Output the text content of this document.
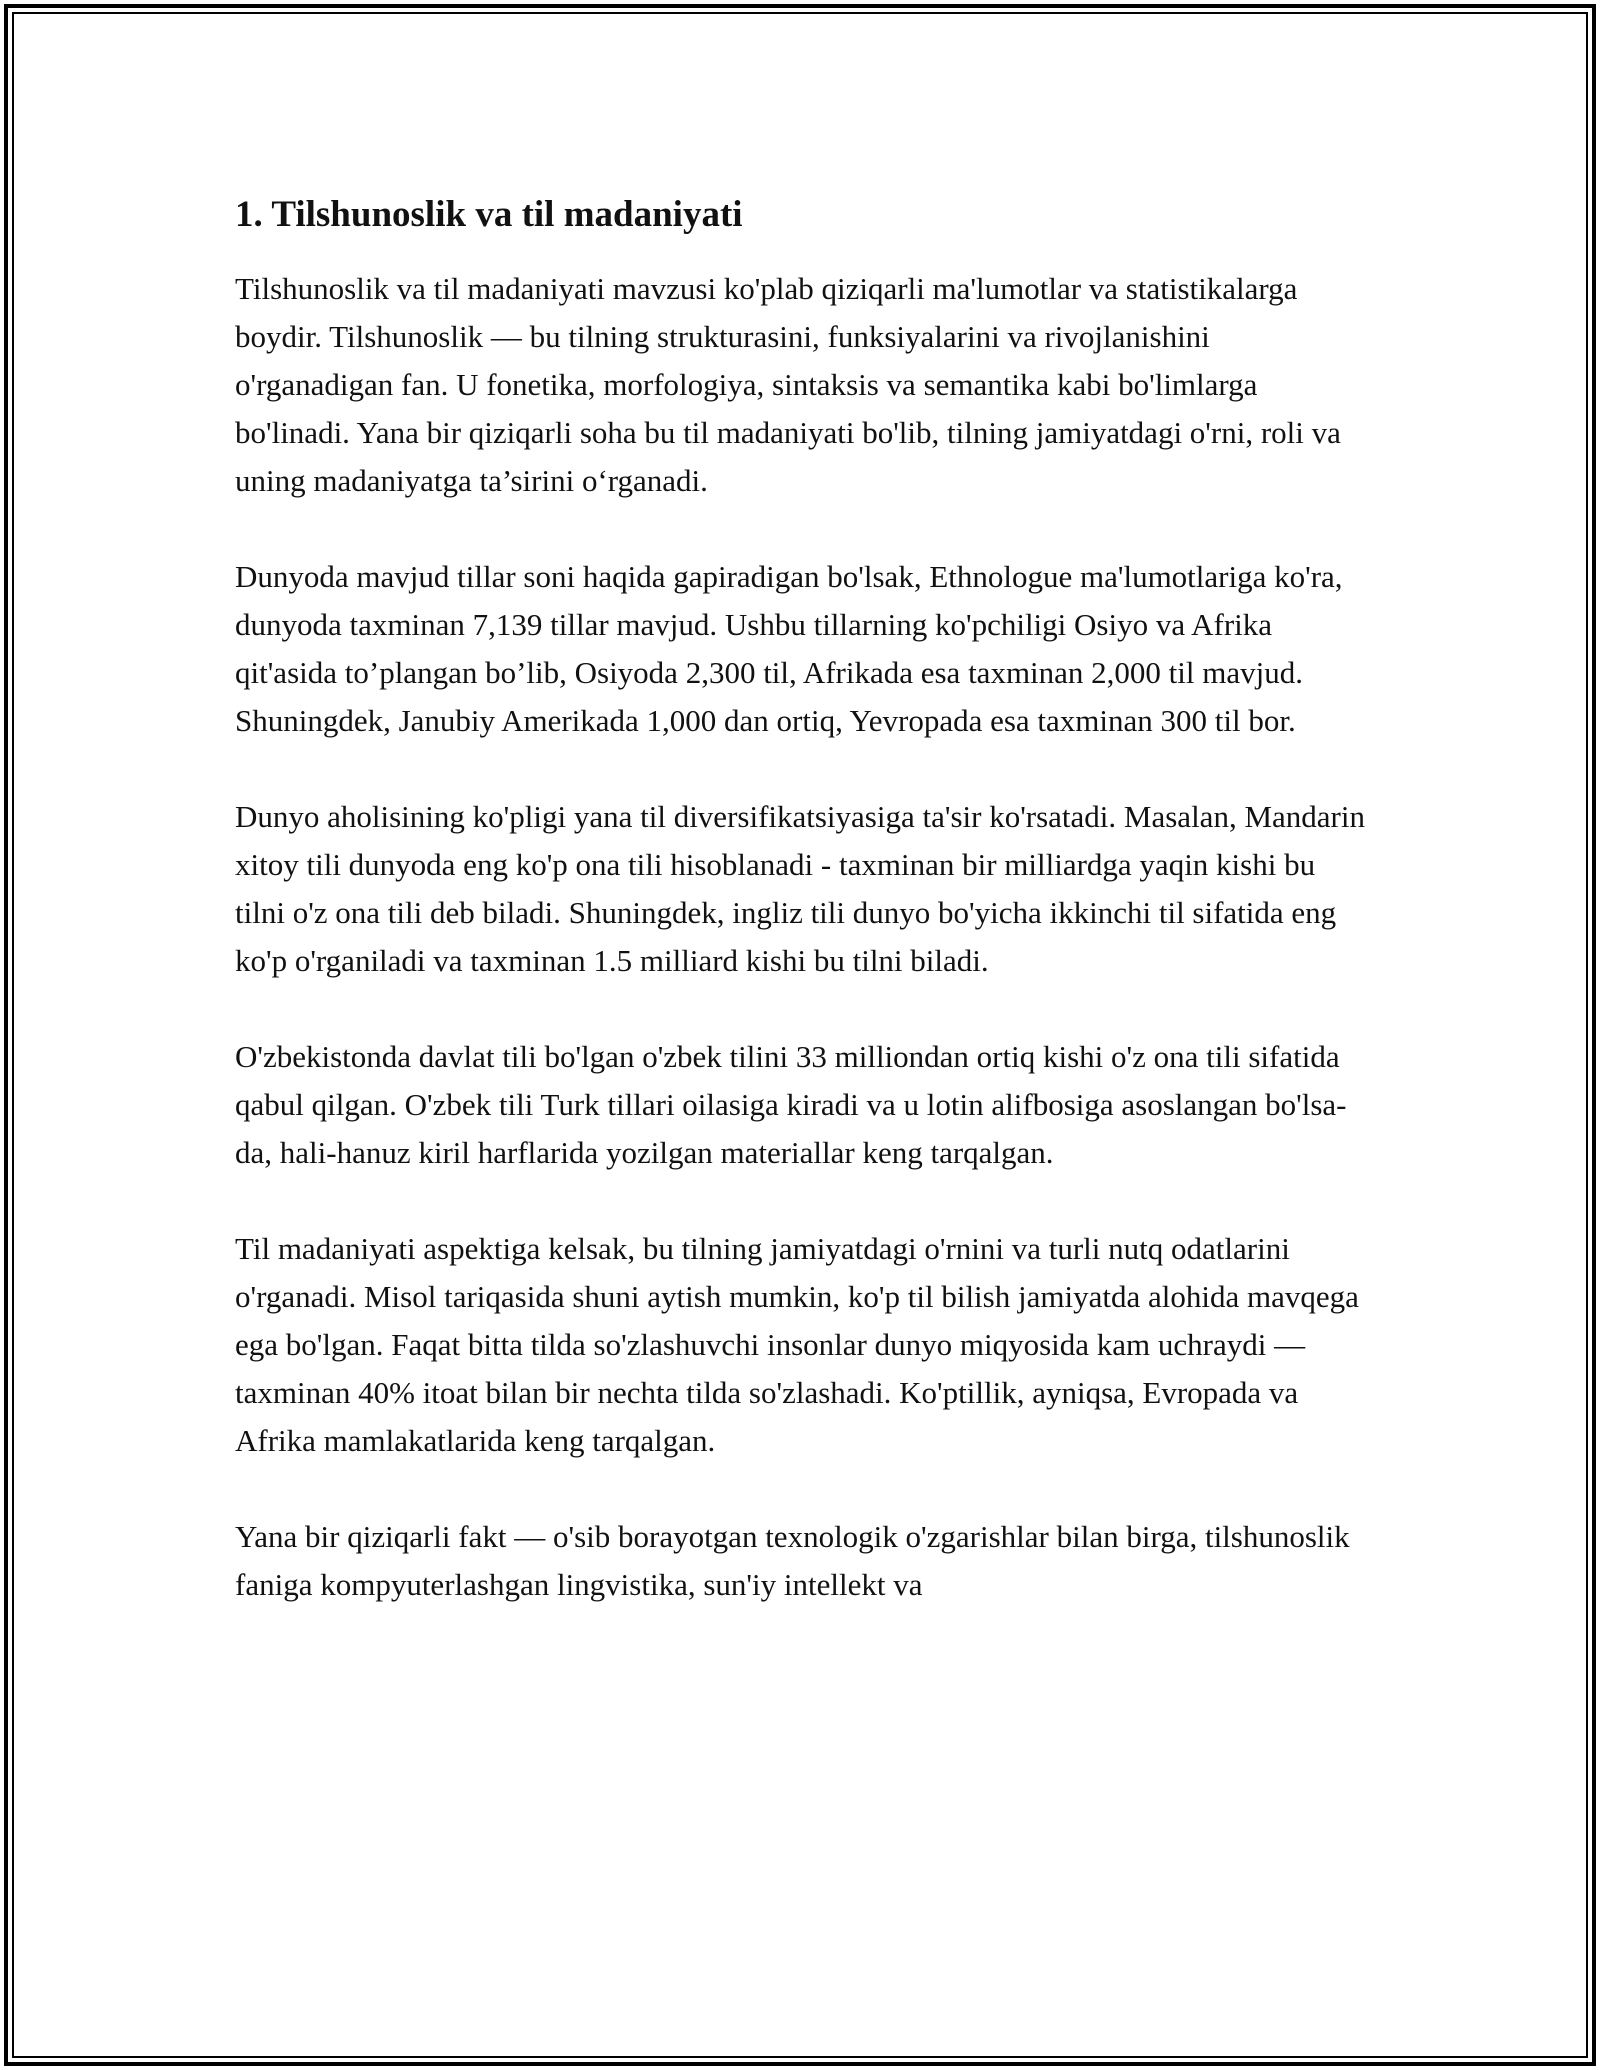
1. Tilshunoslik va til madaniyati

Tilshunoslik va til madaniyati mavzusi ko'plab qiziqarli ma'lumotlar va statistikalarga boydir. Tilshunoslik — bu tilning strukturasini, funksiyalarini va rivojlanishini o'rganadigan fan. U fonetika, morfologiya, sintaksis va semantika kabi bo'limlarga bo'linadi. Yana bir qiziqarli soha bu til madaniyati bo'lib, tilning jamiyatdagi o'rni, roli va uning madaniyatga ta’sirini o‘rganadi.

Dunyoda mavjud tillar soni haqida gapiradigan bo'lsak, Ethnologue ma'lumotlariga ko'ra, dunyoda taxminan 7,139 tillar mavjud. Ushbu tillarning ko'pchiligi Osiyo va Afrika qit'asida to’plangan bo’lib, Osiyoda 2,300 til, Afrikada esa taxminan 2,000 til mavjud. Shuningdek, Janubiy Amerikada 1,000 dan ortiq, Yevropada esa taxminan 300 til bor.

Dunyo aholisining ko'pligi yana til diversifikatsiyasiga ta'sir ko'rsatadi. Masalan, Mandarin xitoy tili dunyoda eng ko'p ona tili hisoblanadi - taxminan bir milliardga yaqin kishi bu tilni o'z ona tili deb biladi. Shuningdek, ingliz tili dunyo bo'yicha ikkinchi til sifatida eng ko'p o'rganiladi va taxminan 1.5 milliard kishi bu tilni biladi.

O'zbekistonda davlat tili bo'lgan o'zbek tilini 33 milliondan ortiq kishi o'z ona tili sifatida qabul qilgan. O'zbek tili Turk tillari oilasiga kiradi va u lotin alifbosiga asoslangan bo'lsa-da, hali-hanuz kiril harflarida yozilgan materiallar keng tarqalgan.

Til madaniyati aspektiga kelsak, bu tilning jamiyatdagi o'rnini va turli nutq odatlarini o'rganadi. Misol tariqasida shuni aytish mumkin, ko'p til bilish jamiyatda alohida mavqega ega bo'lgan. Faqat bitta tilda so'zlashuvchi insonlar dunyo miqyosida kam uchraydi — taxminan 40% itoat bilan bir nechta tilda so'zlashadi. Ko'ptillik, ayniqsa, Evropada va Afrika mamlakatlarida keng tarqalgan.

Yana bir qiziqarli fakt — o'sib borayotgan texnologik o'zgarishlar bilan birga, tilshunoslik faniga kompyuterlashgan lingvistika, sun'iy intellekt va
